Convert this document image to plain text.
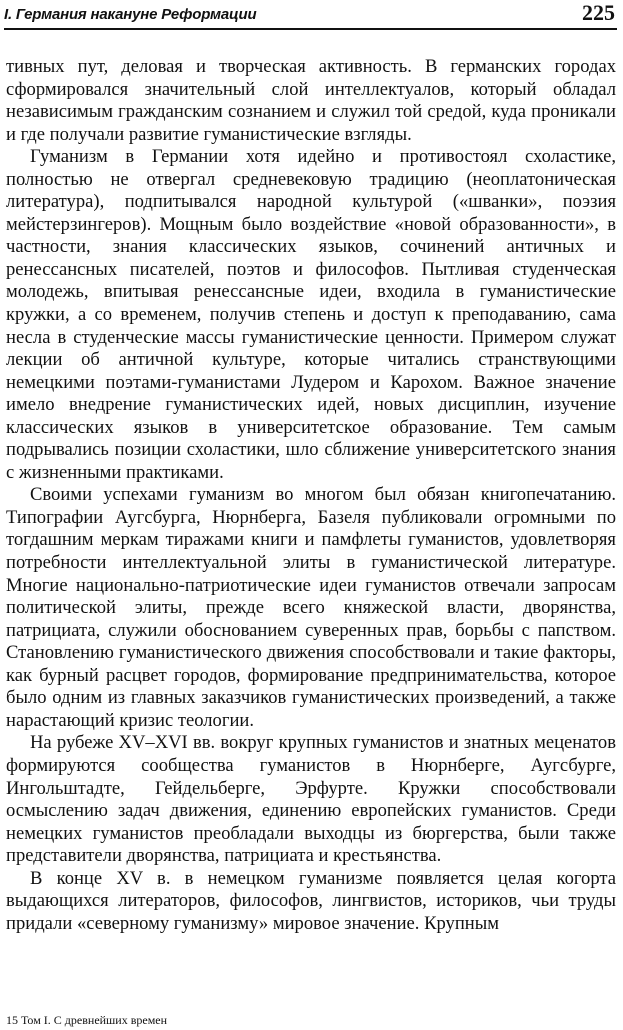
I. Германия накануне Реформации	225

тивных пут, деловая и творческая активность. В германских городах сформировался значительный слой интеллектуалов, который обладал независимым гражданским сознанием и служил той средой, куда проникали и где получали развитие гуманистические взгляды.

Гуманизм в Германии хотя идейно и противостоял схоластике, полностью не отвергал средневековую традицию (неоплатоническая литература), подпитывался народной культурой («шванки», поэзия мейстерзингеров). Мощным было воздействие «новой образованности», в частности, знания классических языков, сочинений античных и ренессансных писателей, поэтов и философов. Пытливая студенческая молодежь, впитывая ренессансные идеи, входила в гуманистические кружки, а со временем, получив степень и доступ к преподаванию, сама несла в студенческие массы гуманистические ценности. Примером служат лекции об античной культуре, которые читались странствующими немецкими поэтами-гуманистами Лудером и Карохом. Важное значение имело внедрение гуманистических идей, новых дисциплин, изучение классических языков в университетское образование. Тем самым подрывались позиции схоластики, шло сближение университетского знания с жизненными практиками.

Своими успехами гуманизм во многом был обязан книгопечатанию. Типографии Аугсбурга, Нюрнберга, Базеля публиковали огромными по тогдашним меркам тиражами книги и памфлеты гуманистов, удовлетворяя потребности интеллектуальной элиты в гуманистической литературе. Многие национально-патриотические идеи гуманистов отвечали запросам политической элиты, прежде всего княжеской власти, дворянства, патрициата, служили обоснованием суверенных прав, борьбы с папством. Становлению гуманистического движения способствовали и такие факторы, как бурный расцвет городов, формирование предпринимательства, которое было одним из главных заказчиков гуманистических произведений, а также нарастающий кризис теологии.

На рубеже XV–XVI вв. вокруг крупных гуманистов и знатных меценатов формируются сообщества гуманистов в Нюрнберге, Аугсбурге, Ингольштадте, Гейдельберге, Эрфурте. Кружки способствовали осмыслению задач движения, единению европейских гуманистов. Среди немецких гуманистов преобладали выходцы из бюргерства, были также представители дворянства, патрициата и крестьянства.

В конце XV в. в немецком гуманизме появляется целая когорта выдающихся литераторов, философов, лингвистов, историков, чьи труды придали «северному гуманизму» мировое значение. Крупным

15 Том I. С древнейших времен
